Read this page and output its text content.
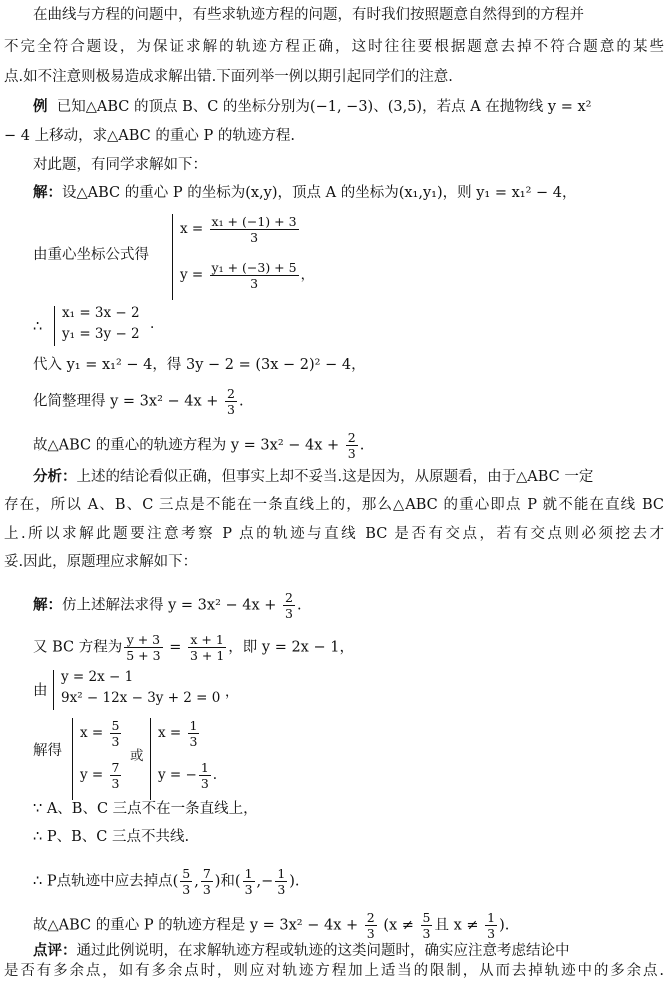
在曲线与方程的问题中，有些求轨迹方程的问题，有时我们按照题意自然得到的方程并
不完全符合题设，为保证求解的轨迹方程正确，这时往往要根据题意去掉不符合题意的某些
点.如不注意则极易造成求解出错.下面列举一例以期引起同学们的注意.
例 已知△ABC 的顶点 B、C 的坐标分别为(−1, −3)、(3,5)，若点 A 在抛物线 y = x²
− 4 上移动，求△ABC 的重心 P 的轨迹方程.
对此题，有同学求解如下：
解：设△ABC 的重心 P 的坐标为(x,y)，顶点 A 的坐标为(x₁,y₁)，则 y₁ = x₁² − 4，
由重心坐标公式得
$x = \frac{\text{x₁ + (−1) + 3}}{3}$
$y = \frac{\text{y₁ + (−3) + 5}}{3}$ ，
∴
x₁ = 3x − 2
y₁ = 3y − 2
.
代入 y₁ = x₁² − 4，得 3y − 2 = (3x − 2)² − 4，
化简整理得 $y = 3x^2 - 4x + \frac{2}{3}$ .
故△ABC 的重心的轨迹方程为 $y = 3x^2 - 4x + \frac{2}{3}$ .
分析：上述的结论看似正确，但事实上却不妥当.这是因为，从原题看，由于△ABC 一定
存在，所以 A、B、C 三点是不能在一条直线上的，那么△ABC 的重心即点 P 就不能在直线 BC
上.所以求解此题要注意考察 P 点的轨迹与直线 BC 是否有交点，若有交点则必须挖去才
妥.因此，原题理应求解如下：
解：仿上述解法求得 $y = 3x^2 - 4x + \frac{2}{3}$ .
又 BC 方程为 $\frac{y + 3}{5 + 3} = \frac{x + 1}{3 + 1}$ ，即 y = 2x − 1，
由
y = 2x − 1
9x² − 12x − 3y + 2 = 0 ，
解得
$x = \frac{5}{3}$
$y = \frac{7}{3}$
或
$x = \frac{1}{3}$
y = − $\frac{1}{3}$ .
∵ A、B、C 三点不在一条直线上，
∴ P、B、C 三点不共线.
∴ P点轨迹中应去掉点( $\frac{5}{3}$ , $\frac{7}{3}$ )和( $\frac{1}{3}$ ,− $\frac{1}{3}$ ).
故△ABC 的重心 P 的轨迹方程是 $y = 3x^2 - 4x + \frac{2}{3} (x \ne \frac{5}{3}$ 且 $x \ne \frac{1}{3}$ ).
点评：通过此例说明，在求解轨迹方程或轨迹的这类问题时，确实应注意考虑结论中
是否有多余点，如有多余点时，则应对轨迹方程加上适当的限制，从而去掉轨迹中的多余点.
